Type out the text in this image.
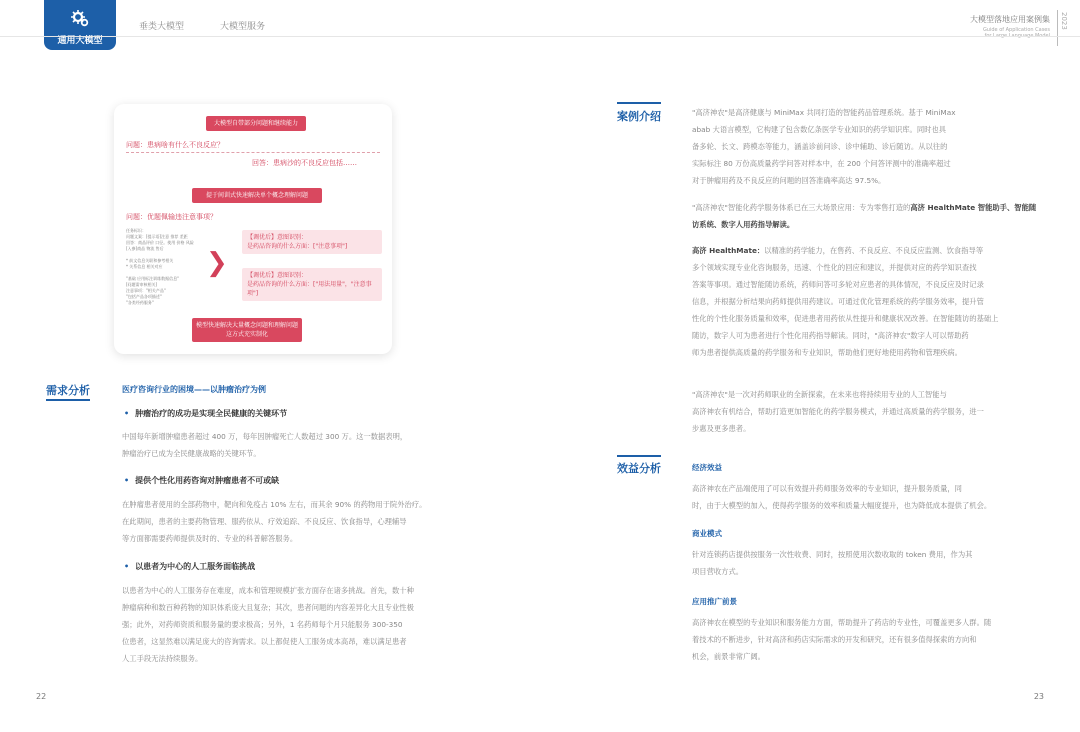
通用大模型
垂类大模型	大模型服务
大模型落地应用案例集
Guide of Application Cases
for Large Language Model
2023
大模型自带部分问题和继续能力
问题：患病啥有什么不良反应？
回答：患病沙的不良反应包括……
提于间训式快速解决单个概念理解问题
问题：优题佩输违注意事项？
任务标识：
问题文案：[提示语]注意 推荐 差距
回答：商品评价 口径。使用 价格 风险
[入参]商品 物流 售后

* 前文信息关联和参考相关
* 关系信息 相关对应

"基础 应用标注训练数据信息"
[问题需审核相关]
注意事项："相关产品"
"包括产品各项描述"
"各类经药服务"
❯
【调优后】意图识别：
是药品咨询的什么方面：["注意事项"]
【调优后】意图识别：
是药品咨询的什么方面：["用法用量"，"注意事项"]
模型快速解决大量概念问题和理解问题
这方式充实制化
需求分析	医疗咨询行业的困境——以肿瘤治疗为例
• 肿瘤治疗的成功是实现全民健康的关键环节
中国每年新增肿瘤患者超过 400 万，每年因肿瘤死亡人数超过 300 万。这一数据表明，
肿瘤治疗已成为全民健康战略的关键环节。
• 提供个性化用药咨询对肿瘤患者不可或缺
在肿瘤患者使用的全部药物中，靶向和免疫占 10% 左右，而其余 90% 的药物用于院外治疗。
在此期间，患者的主要药物管理、服药依从、疗效追踪、不良反应、饮食指导，心理辅导
等方面都需要药师提供及时的、专业的科普解答服务。
• 以患者为中心的人工服务面临挑战
以患者为中心的人工服务存在难度，成本和管理规模扩张方面存在诸多挑战。首先，数十种
肿瘤病种和数百种药物的知识体系庞大且复杂；其次，患者问题的内容差异化大且专业性极
强；此外，对药师资质和服务量的要求极高；另外，1 名药师每个月只能服务 300-350
位患者，这显然难以满足庞大的咨询需求。以上都促使人工服务成本高昂，难以满足患者
人工手段无法持续服务。
案例介绍	"高济神农"是高济健康与 MiniMax 共同打造的智能药品管理系统。基于 MiniMax
abab 大语言模型，它构建了包含数亿条医学专业知识的药学知识库。同时也具
备多轮、长文、跨模态等能力，涵盖诊前问诊、诊中辅助、诊后随访。从以往的
实际标注 80 万份高质量药学问答对样本中，在 200 个问答评测中的准确率超过
对于肿瘤用药及不良反应的问题的回答准确率高达 97.5%。
"高济神农"智能化药学服务体系已在三大场景应用：专为零售打造的高济 HealthMate 智能助手、智能随访系统、数字人用药指导解读。
高济 HealthMate：以精准的药学能力，在售药、不良反应、不良反应监测、饮食指导等
多个领域实现专业化咨询服务，迅速、个性化的回应和建议，并提供对应的药学知识查找
答案等事项。通过智能随访系统，药师问答可多轮对应患者的具体情况，不良反应及时记录
信息，并根据分析结果向药师提供用药建议。可通过优化管理系统的药学服务效率，提升管
性化的个性化服务质量和效率，促进患者用药依从性提升和健康状况改善。在智能随访的基础上
随访，数字人可为患者进行个性化用药指导解读。同时，"高济神农"数字人可以帮助药
师为患者提供高质量的药学服务和专业知识，帮助他们更好地使用药物和管理疾病。
"高济神农"是一次对药师职业的全新探索，在未来也将持续用专业的人工智能与
高济神农有机结合，帮助打造更加智能化的药学服务模式，并通过高质量的药学服务，进一
步惠及更多患者。
效益分析	经济效益
高济神农在产品端使用了可以有效提升药师服务效率的专业知识，提升服务质量，同
时，由于大模型的加入，使得药学服务的效率和质量大幅度提升，也为降低成本提供了机会。
商业模式
针对连锁药店提供按服务一次性收费、同时，按照使用次数收取的 token 费用，作为其
项目营收方式。
应用推广前景
高济神农在模型的专业知识和服务能力方面，帮助提升了药店的专业性，可覆盖更多人群。随
着技术的不断进步，针对高济和药店实际需求的开发和研究，还有很多值得探索的方向和
机会，前景非常广阔。
22	23
